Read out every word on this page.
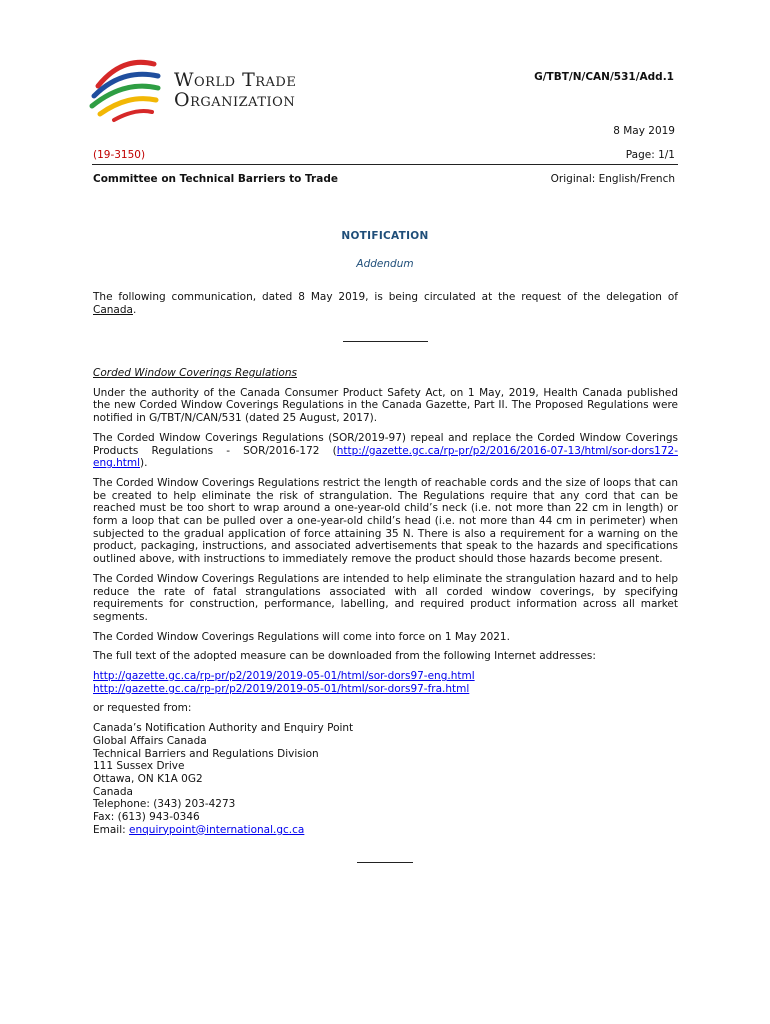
World Trade
Organization
G/TBT/N/CAN/531/Add.1
8 May 2019
(19-3150)	Page: 1/1
Committee on Technical Barriers to Trade	Original: English/French
NOTIFICATION
Addendum
The following communication, dated 8 May 2019, is being circulated at the request of the delegation of Canada.

Corded Window Coverings Regulations

Under the authority of the Canada Consumer Product Safety Act, on 1 May, 2019, Health Canada published the new Corded Window Coverings Regulations in the Canada Gazette, Part II. The Proposed Regulations were notified in G/TBT/N/CAN/531 (dated 25 August, 2017).

The Corded Window Coverings Regulations (SOR/2019-97) repeal and replace the Corded Window Coverings Products Regulations - SOR/2016-172 (http://gazette.gc.ca/rp-pr/p2/2016/2016-07-13/html/sor-dors172-eng.html).

The Corded Window Coverings Regulations restrict the length of reachable cords and the size of loops that can be created to help eliminate the risk of strangulation. The Regulations require that any cord that can be reached must be too short to wrap around a one-year-old child’s neck (i.e. not more than 22 cm in length) or form a loop that can be pulled over a one-year-old child’s head (i.e. not more than 44 cm in perimeter) when subjected to the gradual application of force attaining 35 N. There is also a requirement for a warning on the product, packaging, instructions, and associated advertisements that speak to the hazards and specifications outlined above, with instructions to immediately remove the product should those hazards become present.

The Corded Window Coverings Regulations are intended to help eliminate the strangulation hazard and to help reduce the rate of fatal strangulations associated with all corded window coverings, by specifying requirements for construction, performance, labelling, and required product information across all market segments.

The Corded Window Coverings Regulations will come into force on 1 May 2021.

The full text of the adopted measure can be downloaded from the following Internet addresses:

http://gazette.gc.ca/rp-pr/p2/2019/2019-05-01/html/sor-dors97-eng.html
http://gazette.gc.ca/rp-pr/p2/2019/2019-05-01/html/sor-dors97-fra.html

or requested from:

Canada’s Notification Authority and Enquiry Point
Global Affairs Canada
Technical Barriers and Regulations Division
111 Sussex Drive
Ottawa, ON K1A 0G2
Canada
Telephone: (343) 203-4273
Fax: (613) 943-0346
Email: enquirypoint@international.gc.ca
